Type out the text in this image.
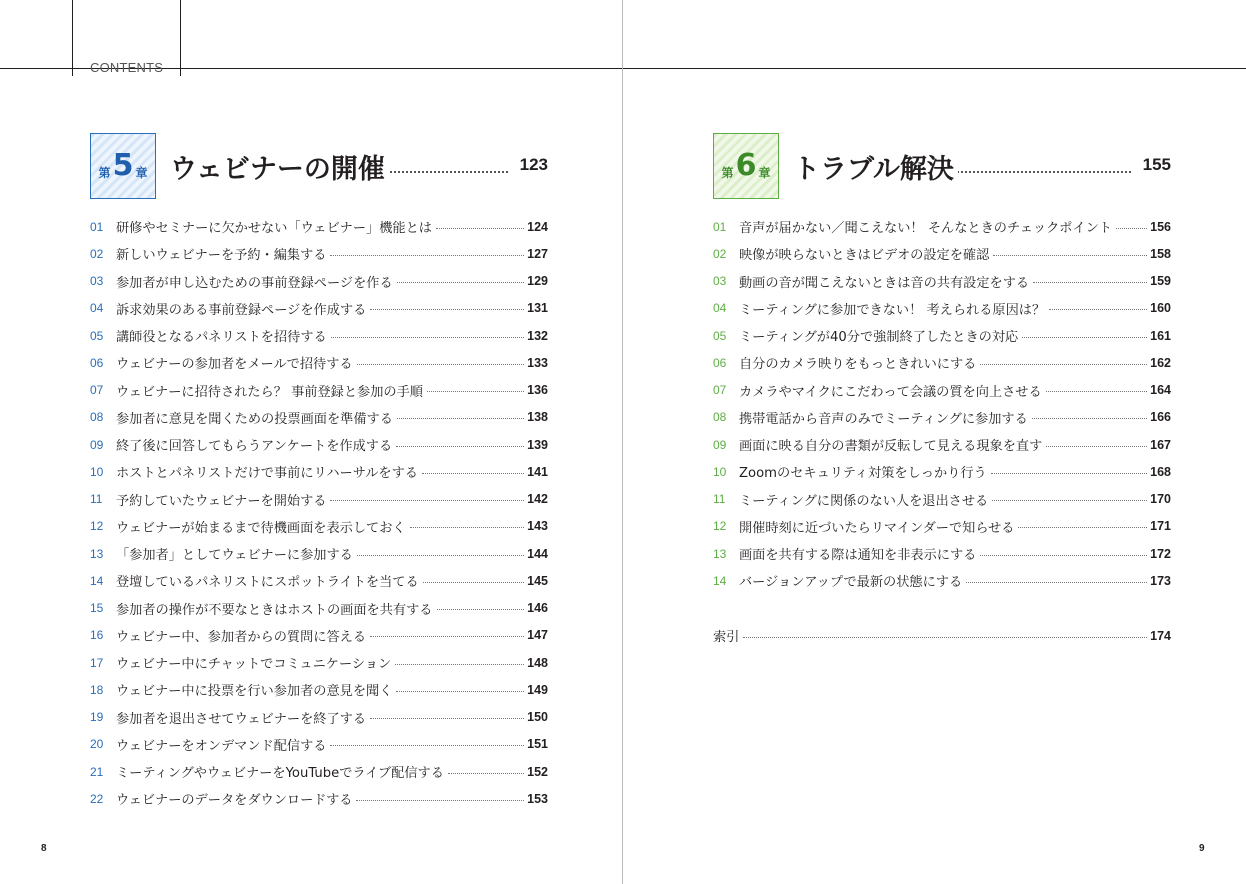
CONTENTS
第 5 章 ウェビナーの開催	123
01 研修やセミナーに欠かせない「ウェビナー」機能とは	124
02 新しいウェビナーを予約・編集する	127
03 参加者が申し込むための事前登録ページを作る	129
04 訴求効果のある事前登録ページを作成する	131
05 講師役となるパネリストを招待する	132
06 ウェビナーの参加者をメールで招待する	133
07 ウェビナーに招待されたら？ 事前登録と参加の手順	136
08 参加者に意見を聞くための投票画面を準備する	138
09 終了後に回答してもらうアンケートを作成する	139
10 ホストとパネリストだけで事前にリハーサルをする	141
11	予約していたウェビナーを開始する	142
12 ウェビナーが始まるまで待機画面を表示しておく	143
13 「参加者」としてウェビナーに参加する	144
14 登壇しているパネリストにスポットライトを当てる	145
15 参加者の操作が不要なときはホストの画面を共有する	146
16 ウェビナー中、参加者からの質問に答える	147
17 ウェビナー中にチャットでコミュニケーション	148
18 ウェビナー中に投票を行い参加者の意見を聞く	149
19 参加者を退出させてウェビナーを終了する	150
20 ウェビナーをオンデマンド配信する	151
21 ミーティングやウェビナーをYouTubeでライブ配信する	152
22 ウェビナーのデータをダウンロードする	153
8
第 6 章 トラブル解決	155
01 音声が届かない／聞こえない！ そんなときのチェックポイント	156
02 映像が映らないときはビデオの設定を確認	158
03 動画の音が聞こえないときは音の共有設定をする	159
04 ミーティングに参加できない！ 考えられる原因は？	160
05 ミーティングが40分で強制終了したときの対応	161
06 自分のカメラ映りをもっときれいにする	162
07 カメラやマイクにこだわって会議の質を向上させる	164
08 携帯電話から音声のみでミーティングに参加する	166
09 画面に映る自分の書類が反転して見える現象を直す	167
10 Zoomのセキュリティ対策をしっかり行う	168
11	ミーティングに関係のない人を退出させる	170
12 開催時刻に近づいたらリマインダーで知らせる	171
13 画面を共有する際は通知を非表示にする	172
14 バージョンアップで最新の状態にする	173
索引	174
9
